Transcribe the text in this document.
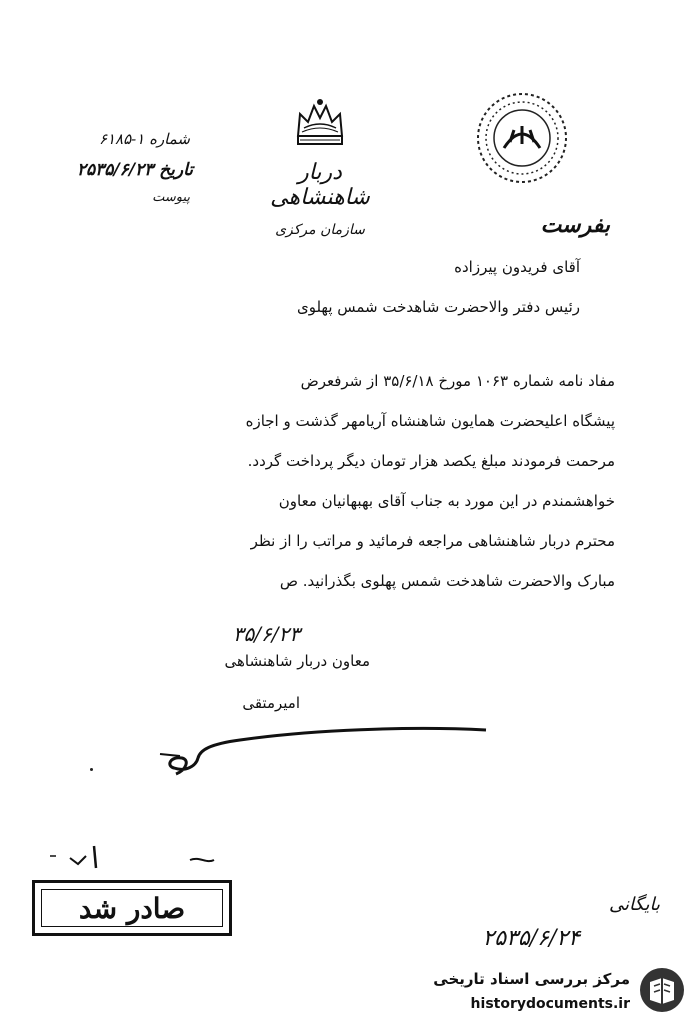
دربار شاهنشاهی
سازمان مرکزی
شماره ۱-۶۱۸۵
تاریخ ۲۵۳۵/۶/۲۳
پیوست
بفرست
آقای فریدون پیرزاده
رئیس دفتر والاحضرت شاهدخت شمس پهلوی
مفاد نامه شماره ۱۰۶۳ مورخ ۳۵/۶/۱۸ از شرفعرض
پیشگاه اعلیحضرت همایون شاهنشاه آریامهر گذشت و اجازه
مرحمت فرمودند مبلغ یکصد هزار تومان دیگر پرداخت گردد.
خواهشمندم در این مورد به جناب آقای بهبهانیان معاون
محترم دربار شاهنشاهی مراجعه فرمائید و مراتب را از نظر
مبارک والاحضرت شاهدخت شمس پهلوی بگذرانید. ص
۳۵/۶/۲۳
معاون دربار شاهنشاهی
امیرمتقی
صادر شد	بایگانی
۲۵۳۵/۶/۲۴
مرکز بررسی اسناد تاریخی
historydocuments.ir
